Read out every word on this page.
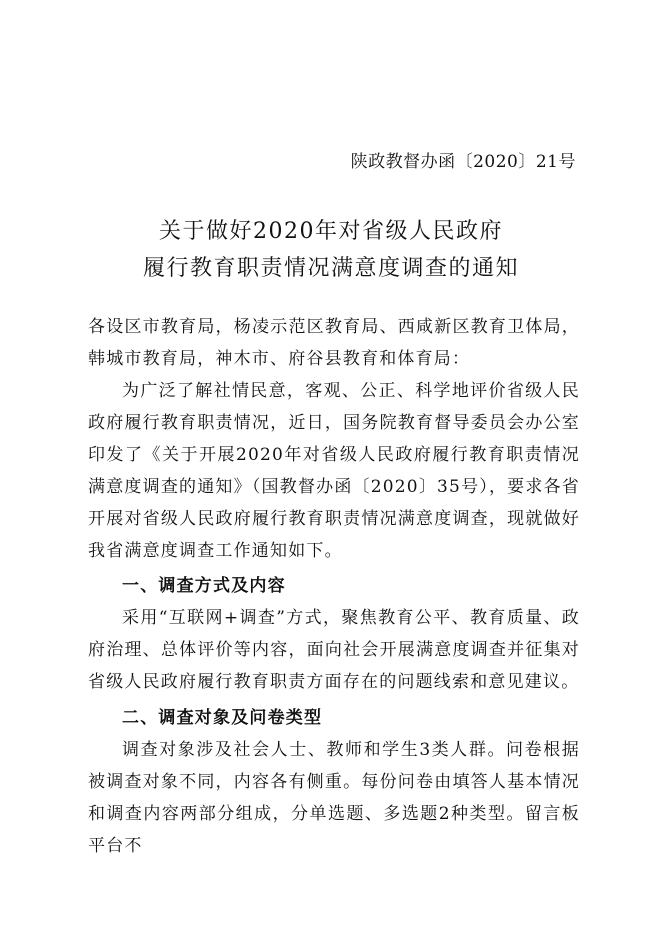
陕政教督办函〔2020〕21号
关于做好2020年对省级人民政府
履行教育职责情况满意度调查的通知
各设区市教育局，杨凌示范区教育局、西咸新区教育卫体局，韩城市教育局，神木市、府谷县教育和体育局：
为广泛了解社情民意，客观、公正、科学地评价省级人民政府履行教育职责情况，近日，国务院教育督导委员会办公室印发了《关于开展2020年对省级人民政府履行教育职责情况满意度调查的通知》（国教督办函〔2020〕35号），要求各省开展对省级人民政府履行教育职责情况满意度调查，现就做好我省满意度调查工作通知如下。
一、调查方式及内容
采用“互联网+调查”方式，聚焦教育公平、教育质量、政府治理、总体评价等内容，面向社会开展满意度调查并征集对省级人民政府履行教育职责方面存在的问题线索和意见建议。
二、调查对象及问卷类型
调查对象涉及社会人士、教师和学生3类人群。问卷根据被调查对象不同，内容各有侧重。每份问卷由填答人基本情况和调查内容两部分组成，分单选题、多选题2种类型。留言板平台不
